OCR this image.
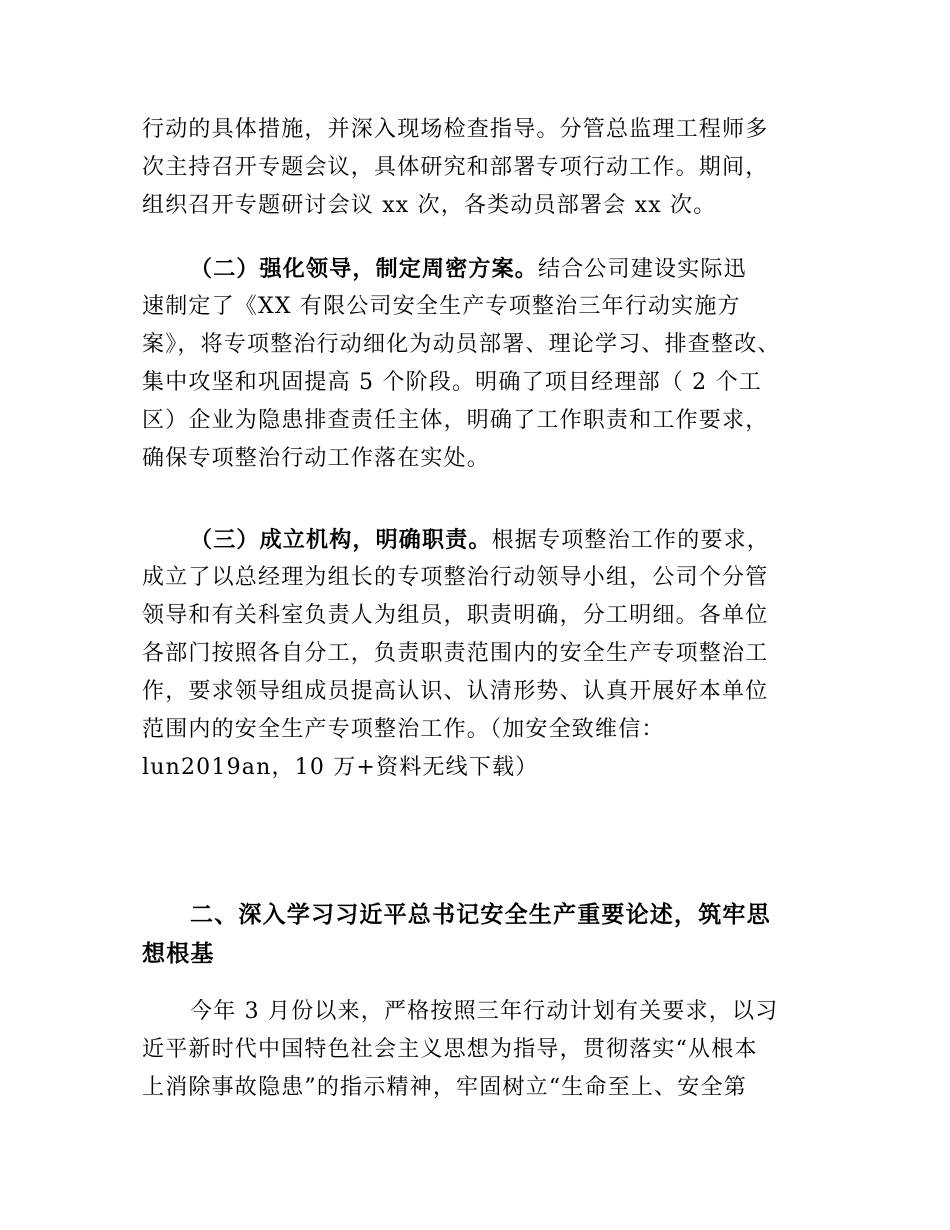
行动的具体措施，并深入现场检查指导。分管总监理工程师多
次主持召开专题会议，具体研究和部署专项行动工作。期间，
组织召开专题研讨会议 xx 次，各类动员部署会 xx 次。
（二）强化领导，制定周密方案。结合公司建设实际迅
速制定了《XX 有限公司安全生产专项整治三年行动实施方
案》，将专项整治行动细化为动员部署、理论学习、排查整改、
集中攻坚和巩固提高 5 个阶段。明确了项目经理部（ 2 个工
区）企业为隐患排查责任主体，明确了工作职责和工作要求，
确保专项整治行动工作落在实处。
（三）成立机构，明确职责。根据专项整治工作的要求，
成立了以总经理为组长的专项整治行动领导小组，公司个分管
领导和有关科室负责人为组员，职责明确，分工明细。各单位
各部门按照各自分工，负责职责范围内的安全生产专项整治工
作，要求领导组成员提高认识、认清形势、认真开展好本单位
范围内的安全生产专项整治工作。（加安全致维信：
lun2019an，10 万+资料无线下载）
二、深入学习习近平总书记安全生产重要论述，筑牢思
想根基
今年 3 月份以来，严格按照三年行动计划有关要求，以习
近平新时代中国特色社会主义思想为指导，贯彻落实“从根本
上消除事故隐患”的指示精神，牢固树立“生命至上、安全第
